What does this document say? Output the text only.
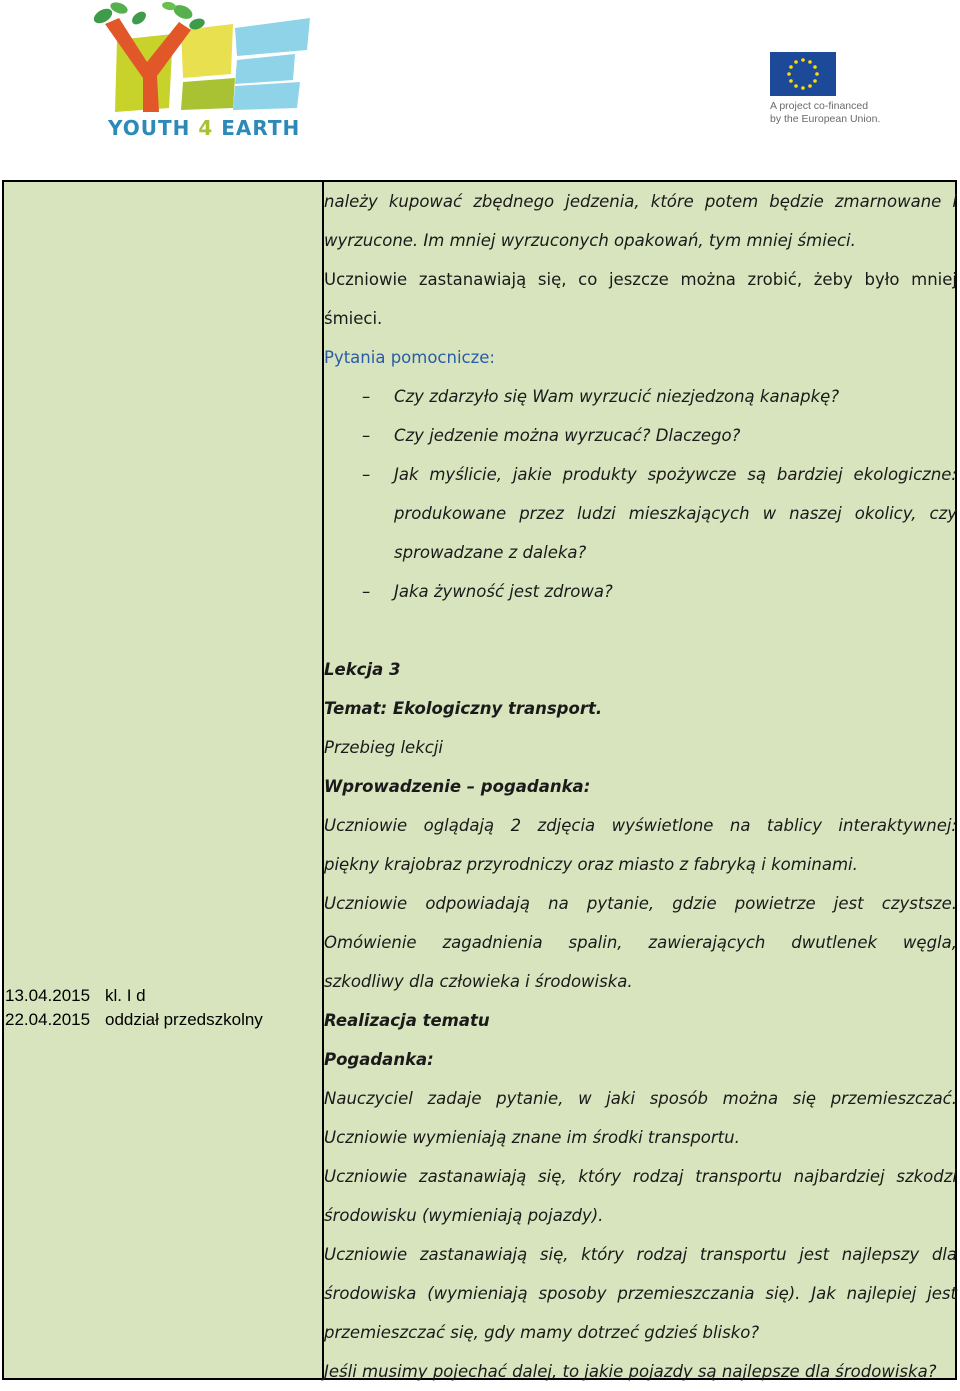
YOUTH 4 EARTH
A project co-financed
by the European Union.
13.04.2015 kl. I d
22.04.2015 oddział przedszkolny
należy kupować zbędnego jedzenia, które potem będzie zmarnowane i
wyrzucone. Im mniej wyrzuconych opakowań, tym mniej śmieci.
Uczniowie zastanawiają się, co jeszcze można zrobić, żeby było mniej
śmieci.
Pytania pomocnicze:
– Czy zdarzyło się Wam wyrzucić niezjedzoną kanapkę?
– Czy jedzenie można wyrzucać? Dlaczego?
– Jak myślicie, jakie produkty spożywcze są bardziej ekologiczne:
produkowane przez ludzi mieszkających w naszej okolicy, czy
sprowadzane z daleka?
– Jaka żywność jest zdrowa?
Lekcja 3
Temat: Ekologiczny transport.
Przebieg lekcji
Wprowadzenie – pogadanka:
Uczniowie oglądają 2 zdjęcia wyświetlone na tablicy interaktywnej:
piękny krajobraz przyrodniczy oraz miasto z fabryką i kominami.
Uczniowie odpowiadają na pytanie, gdzie powietrze jest czystsze.
Omówienie zagadnienia spalin, zawierających dwutlenek węgla,
szkodliwy dla człowieka i środowiska.
Realizacja tematu
Pogadanka:
Nauczyciel zadaje pytanie, w jaki sposób można się przemieszczać.
Uczniowie wymieniają znane im środki transportu.
Uczniowie zastanawiają się, który rodzaj transportu najbardziej szkodzi
środowisku (wymieniają pojazdy).
Uczniowie zastanawiają się, który rodzaj transportu jest najlepszy dla
środowiska (wymieniają sposoby przemieszczania się). Jak najlepiej jest
przemieszczać się, gdy mamy dotrzeć gdzieś blisko?
Jeśli musimy pojechać dalej, to jakie pojazdy są najlepsze dla środowiska?
